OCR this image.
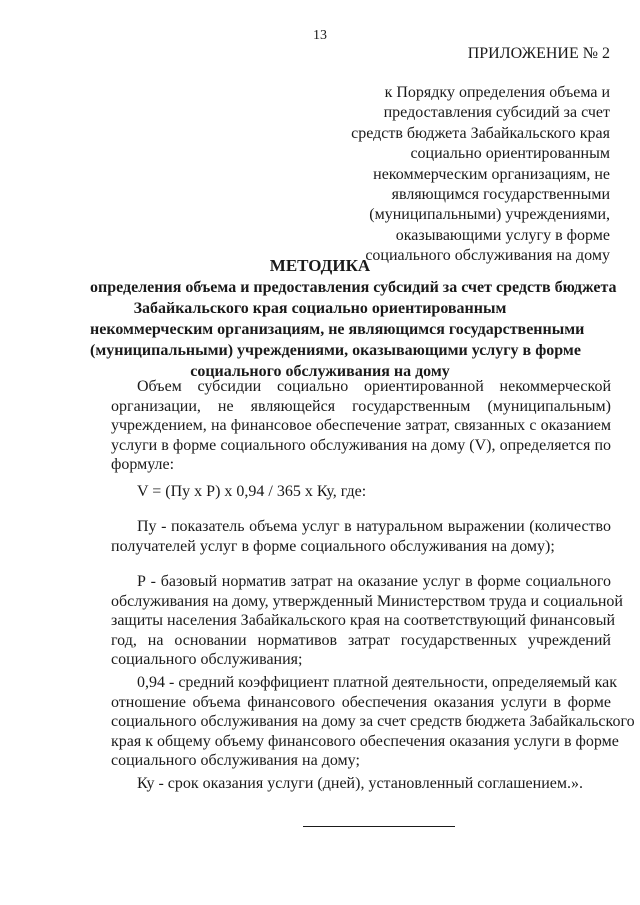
13
ПРИЛОЖЕНИЕ № 2
к Порядку определения объема и
предоставления субсидий за счет
средств бюджета Забайкальского края
социально ориентированным
некоммерческим организациям, не
являющимся государственными
(муниципальными) учреждениями,
оказывающими услугу в форме
социального обслуживания на дому
МЕТОДИКА
определения объема и предоставления субсидий за счет средств бюджета
Забайкальского края социально ориентированным
некоммерческим организациям, не являющимся государственными
(муниципальными) учреждениями, оказывающими услугу в форме
социального обслуживания на дому
Объем субсидии социально ориентированной некоммерческой
организации, не являющейся государственным (муниципальным)
учреждением, на финансовое обеспечение затрат, связанных с оказанием
услуги в форме социального обслуживания на дому (V), определяется по
формуле:
V = (Пу х Р) х 0,94 / 365 х Ку, где:
Пу - показатель объема услуг в натуральном выражении (количество
получателей услуг в форме социального обслуживания на дому);
Р - базовый норматив затрат на оказание услуг в форме социального
обслуживания на дому, утвержденный Министерством труда и социальной
защиты населения Забайкальского края на соответствующий финансовый
год, на основании нормативов затрат государственных учреждений
социального обслуживания;
0,94 - средний коэффициент платной деятельности, определяемый как
отношение объема финансового обеспечения оказания услуги в форме
социального обслуживания на дому за счет средств бюджета Забайкальского
края к общему объему финансового обеспечения оказания услуги в форме
социального обслуживания на дому;
Ку - срок оказания услуги (дней), установленный соглашением.».
